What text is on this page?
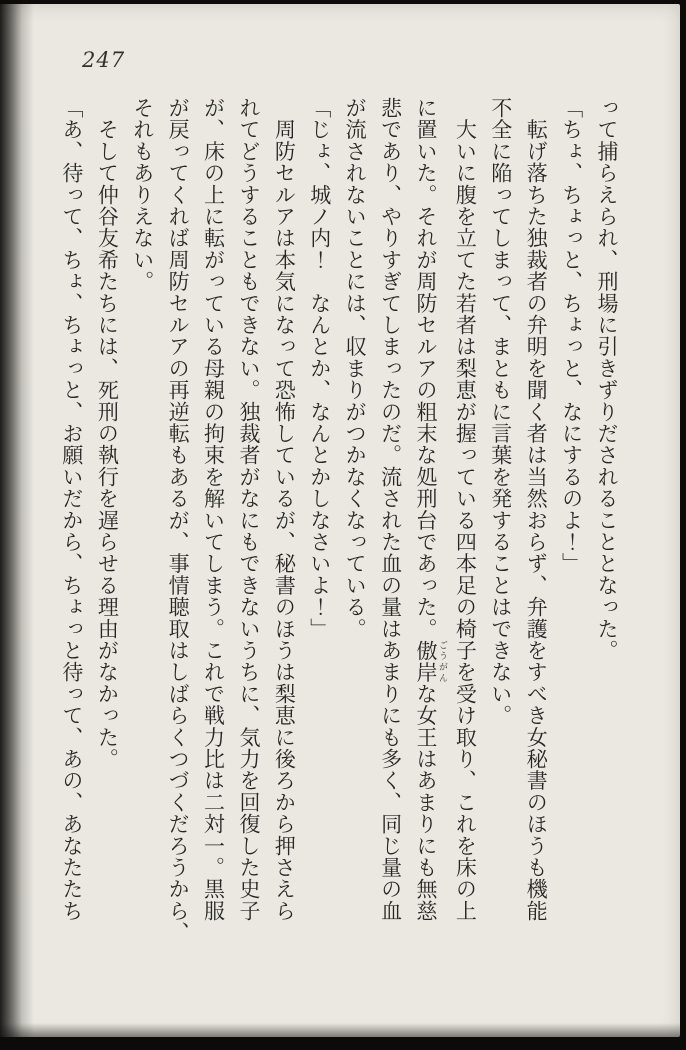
247
って捕らえられ、刑場に引きずりだされることとなった。
「ちょ、ちょっと、ちょっと、なにするのよ！」
　転げ落ちた独裁者の弁明を聞く者は当然おらず、弁護をすべき女秘書のほうも機能
不全に陥ってしまって、まともに言葉を発することはできない。
　大いに腹を立てた若者は梨恵が握っている四本足の椅子を受け取り、これを床の上
に置いた。それが周防セルアの粗末な処刑台であった。傲岸 ごうがんな女王はあまりにも無慈
悲であり、やりすぎてしまったのだ。流された血の量はあまりにも多く、同じ量の血
が流されないことには、収まりがつかなくなっている。
「じょ、城ノ内！　なんとか、なんとかしなさいよ！」
　周防セルアは本気になって恐怖しているが、秘書のほうは梨恵に後ろから押さえら
れてどうすることもできない。独裁者がなにもできないうちに、気力を回復した史子
が、床の上に転がっている母親の拘束を解いてしまう。これで戦力比は二対一。黒服
が戻ってくれば周防セルアの再逆転もあるが、事情聴取はしばらくつづくだろうから、
それもありえない。
　そして仲谷友希たちには、死刑の執行を遅らせる理由がなかった。
「あ、待って、ちょ、ちょっと、お願いだから、ちょっと待って、あの、あなたたち
